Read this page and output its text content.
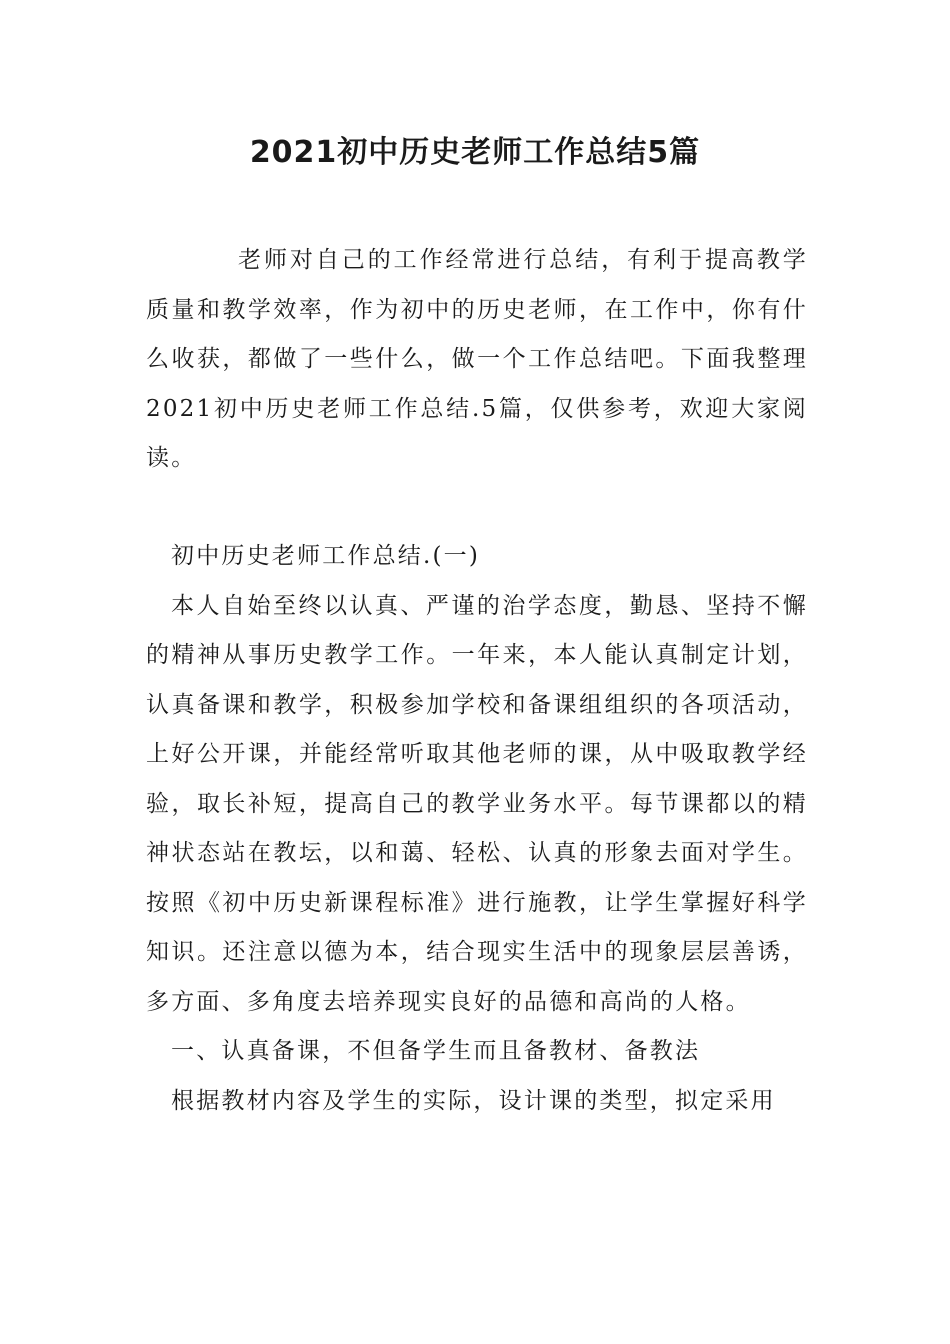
2021初中历史老师工作总结5篇

老师对自己的工作经常进行总结，有利于提高教学质量和教学效率，作为初中的历史老师，在工作中，你有什么收获，都做了一些什么，做一个工作总结吧。下面我整理2021初中历史老师工作总结.5篇，仅供参考，欢迎大家阅读。

初中历史老师工作总结.(一)

本人自始至终以认真、严谨的治学态度，勤恳、坚持不懈的精神从事历史教学工作。一年来，本人能认真制定计划，认真备课和教学，积极参加学校和备课组组织的各项活动，上好公开课，并能经常听取其他老师的课，从中吸取教学经验，取长补短，提高自己的教学业务水平。每节课都以的精神状态站在教坛，以和蔼、轻松、认真的形象去面对学生。按照《初中历史新课程标准》进行施教，让学生掌握好科学知识。还注意以德为本，结合现实生活中的现象层层善诱，多方面、多角度去培养现实良好的品德和高尚的人格。

一、认真备课，不但备学生而且备教材、备教法

根据教材内容及学生的实际，设计课的类型，拟定采用
